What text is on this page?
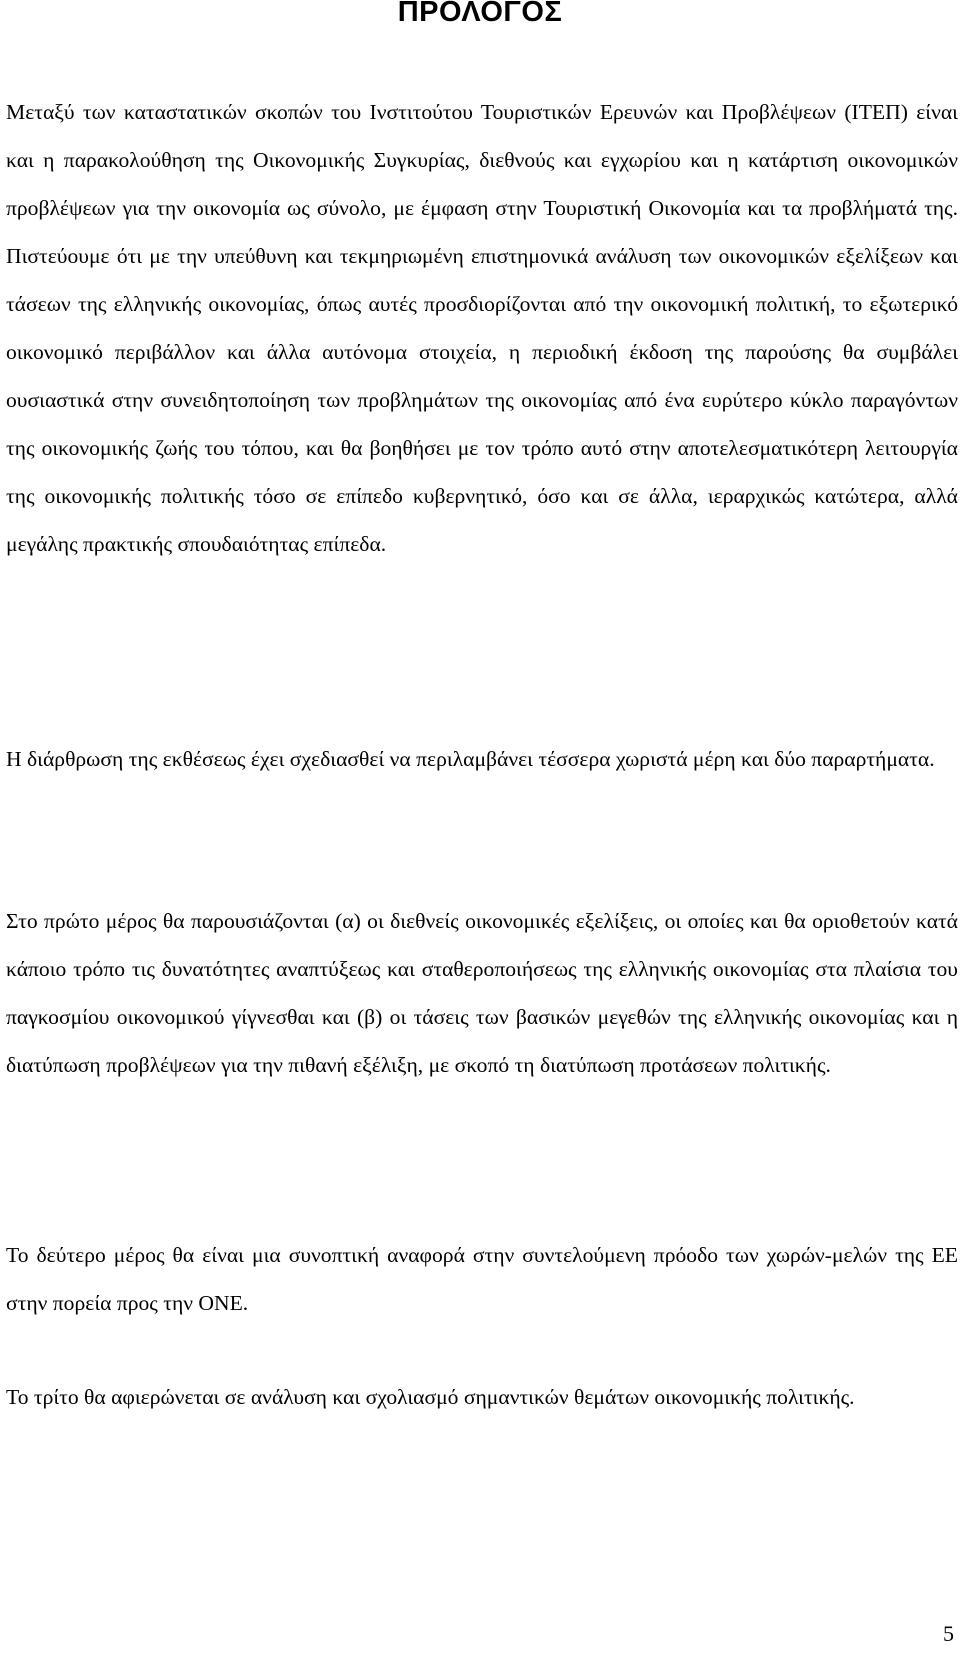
ΠΡΟΛΟΓΟΣ

Μεταξύ των καταστατικών σκοπών του Ινστιτούτου Τουριστικών Ερευνών και Προβλέψεων (ΙΤΕΠ) είναι και η παρακολούθηση της Οικονομικής Συγκυρίας, διεθνούς και εγχωρίου και η κατάρτιση οικονομικών προβλέψεων για την οικονομία ως σύνολο, με έμφαση στην Τουριστική Οικονομία και τα προβλήματά της. Πιστεύουμε ότι με την υπεύθυνη και τεκμηριωμένη επιστημονικά ανάλυση των οικονομικών εξελίξεων και τάσεων της ελληνικής οικονομίας, όπως αυτές προσδιορίζονται από την οικονομική πολιτική, το εξωτερικό οικονομικό περιβάλλον και άλλα αυτόνομα στοιχεία, η περιοδική έκδοση της παρούσης θα συμβάλει ουσιαστικά στην συνειδητοποίηση των προβλημάτων της οικονομίας από ένα ευρύτερο κύκλο παραγόντων της οικονομικής ζωής του τόπου, και θα βοηθήσει με τον τρόπο αυτό στην αποτελεσματικότερη λειτουργία της οικονομικής πολιτικής τόσο σε επίπεδο κυβερνητικό, όσο και σε άλλα, ιεραρχικώς κατώτερα, αλλά μεγάλης πρακτικής σπουδαιότητας επίπεδα.

Η διάρθρωση της εκθέσεως έχει σχεδιασθεί να περιλαμβάνει τέσσερα χωριστά μέρη και δύο παραρτήματα.

Στο πρώτο μέρος θα παρουσιάζονται (α) οι διεθνείς οικονομικές εξελίξεις, οι οποίες και θα οριοθετούν κατά κάποιο τρόπο τις δυνατότητες αναπτύξεως και σταθεροποιήσεως της ελληνικής οικονομίας στα πλαίσια του παγκοσμίου οικονομικού γίγνεσθαι και (β) οι τάσεις των βασικών μεγεθών της ελληνικής οικονομίας και η διατύπωση προβλέψεων για την πιθανή εξέλιξη, με σκοπό τη διατύπωση προτάσεων πολιτικής.

Το δεύτερο μέρος θα είναι μια συνοπτική αναφορά στην συντελούμενη πρόοδο των χωρών-μελών της ΕΕ στην πορεία προς την ΟΝΕ.

Το τρίτο θα αφιερώνεται σε ανάλυση και σχολιασμό σημαντικών θεμάτων οικονομικής πολιτικής.

5
